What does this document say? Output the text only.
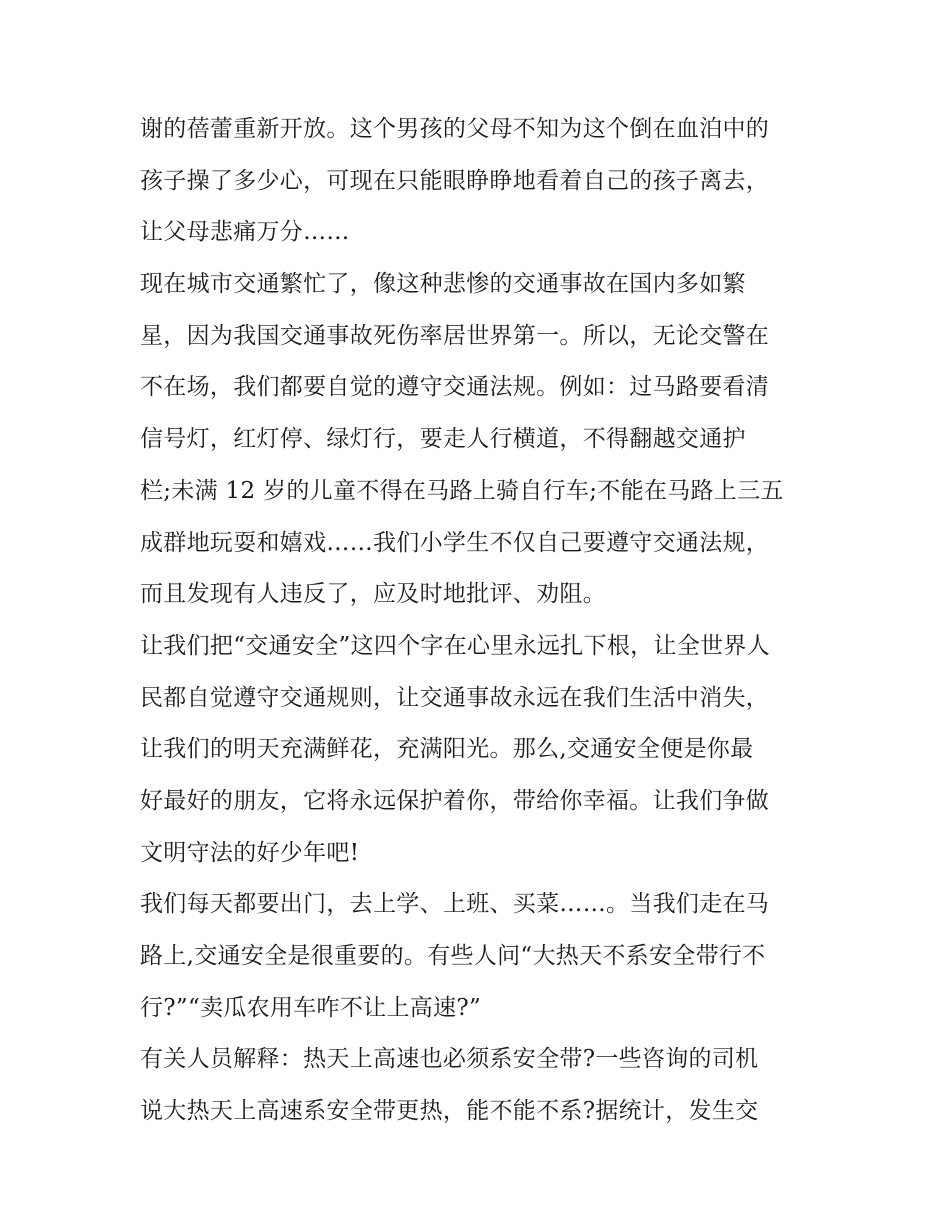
谢的蓓蕾重新开放。这个男孩的父母不知为这个倒在血泊中的
孩子操了多少心，可现在只能眼睁睁地看着自己的孩子离去，
让父母悲痛万分……
现在城市交通繁忙了，像这种悲惨的交通事故在国内多如繁
星，因为我国交通事故死伤率居世界第一。所以，无论交警在
不在场，我们都要自觉的遵守交通法规。例如：过马路要看清
信号灯，红灯停、绿灯行，要走人行横道，不得翻越交通护
栏;未满 12 岁的儿童不得在马路上骑自行车;不能在马路上三五
成群地玩耍和嬉戏……我们小学生不仅自己要遵守交通法规，
而且发现有人违反了，应及时地批评、劝阻。
让我们把“交通安全”这四个字在心里永远扎下根，让全世界人
民都自觉遵守交通规则，让交通事故永远在我们生活中消失，
让我们的明天充满鲜花，充满阳光。那么,交通安全便是你最
好最好的朋友，它将永远保护着你，带给你幸福。让我们争做
文明守法的好少年吧!
我们每天都要出门，去上学、上班、买菜……。当我们走在马
路上,交通安全是很重要的。有些人问“大热天不系安全带行不
行?”“卖瓜农用车咋不让上高速?”
有关人员解释：热天上高速也必须系安全带?一些咨询的司机
说大热天上高速系安全带更热，能不能不系?据统计，发生交
